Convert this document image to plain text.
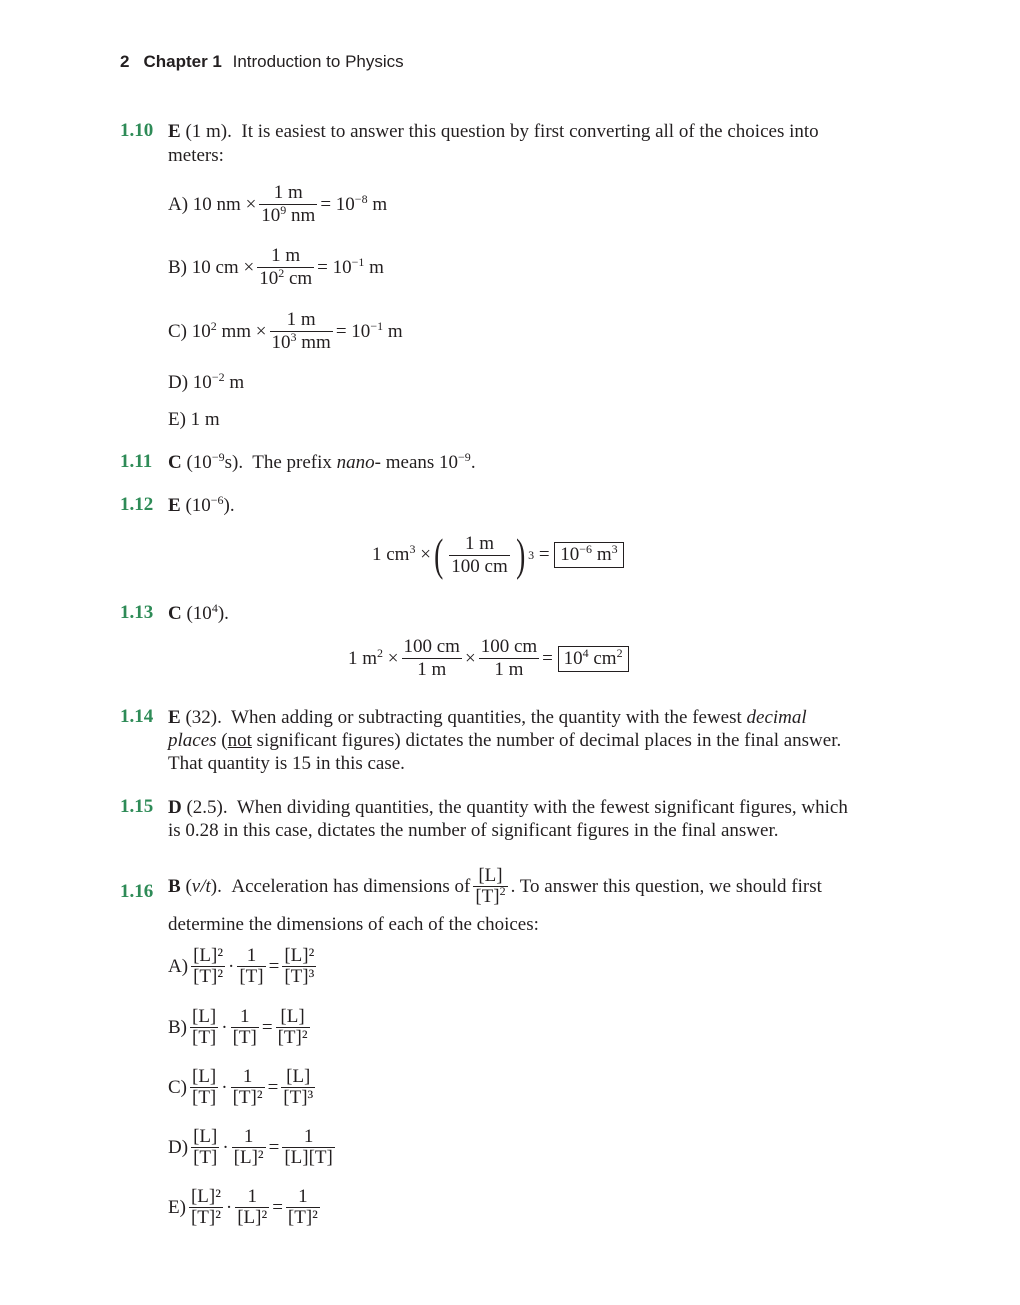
2 Chapter 1 Introduction to Physics
1.10 E (1 m). It is easiest to answer this question by first converting all of the choices into
meters:
A) 10 nm × $\frac{1 m}{10^9 nm} = 10^{-8}$ m
B) 10 cm × $\frac{1 m}{10^2 cm} = 10^{-1}$ m
C) $10^2$ mm × $\frac{1 m}{10^3 mm} = 10^{-1}$ m
D) $10^{-2}$ m
E) 1 m
1.11 C $(10^{-9}s)$. The prefix nano- means $10^{-9}$.
1.12 E $(10^{-6})$.
1 $cm^3$
× ( $\frac{1 m}{100 cm}$ ) 3
=
$10^{-6}$ $m^3$
1.13 C $(10^4)$.
1 $m^2$
× $\frac{100 cm}{1 m} \times \frac{100 cm}{1 m}$ =
$10^4$ $cm^2$
1.14 E (32). When adding or subtracting quantities, the quantity with the fewest decimal
places (not significant figures) dictates the number of decimal places in the final answer.
That quantity is 15 in this case.
1.15 D (2.5). When dividing quantities, the quantity with the fewest significant figures, which
is 0.28 in this case, dictates the number of significant figures in the final answer.
1.16 B
(v/t).
Acceleration has dimensions of $\frac{[L]}{[T]^2}$ . To answer this question, we should first
determine the dimensions of each of the choices:
$A) \frac{\text{[L]²}}{\text{[T]²}} \cdot \frac{1}{[T]} = \frac{\text{[L]²}}{\text{[T]³}}$
$B) \frac{[L]}{[T]} \cdot \frac{1}{[T]} = \frac{[L]}{\text{[T]²}}$
$C) \frac{[L]}{[T]} \cdot \frac{1}{\text{[T]²}} = \frac{[L]}{\text{[T]³}}$
$D) \frac{[L]}{[T]} \cdot \frac{1}{\text{[L]²}} = \frac{1}{[L][T]}$
$E) \frac{\text{[L]²}}{\text{[T]²}} \cdot \frac{1}{\text{[L]²}} = \frac{1}{\text{[T]²}}$
